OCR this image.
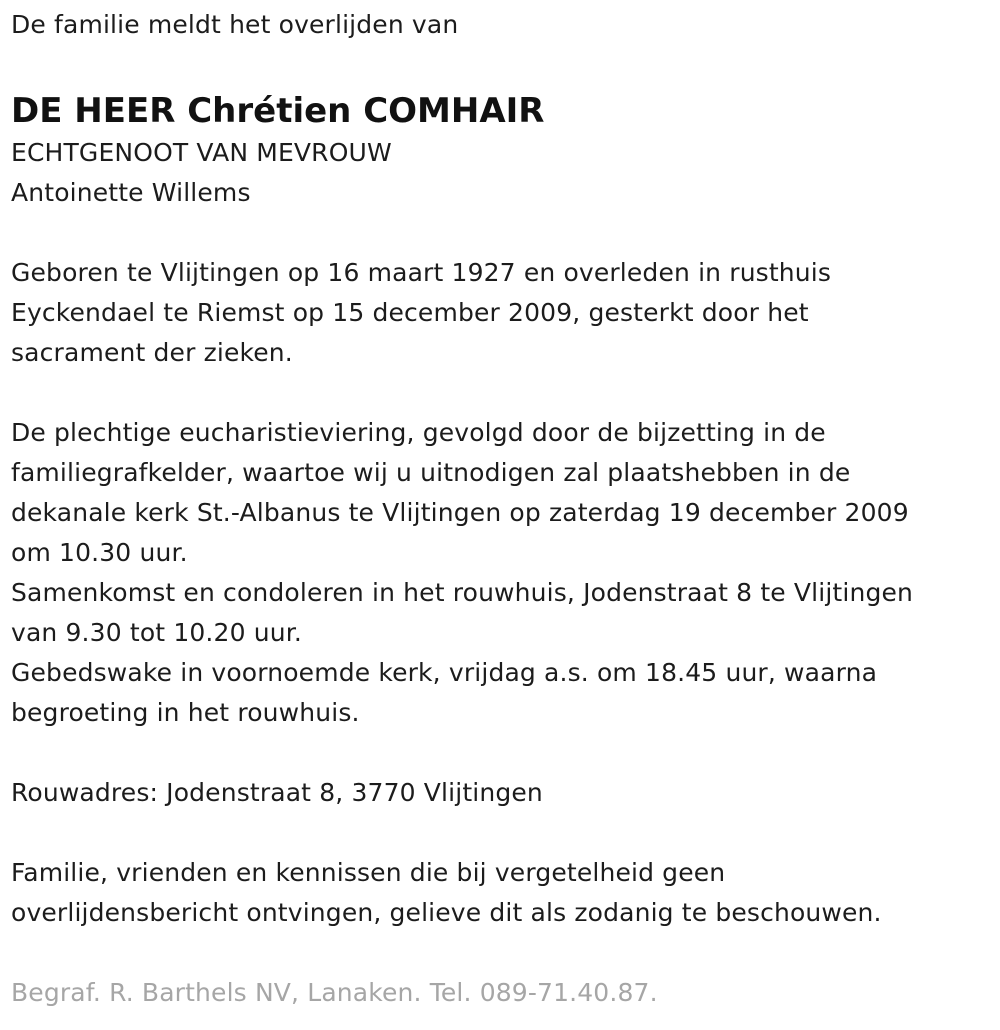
De familie meldt het overlijden van
DE HEER Chrétien COMHAIR
ECHTGENOOT VAN MEVROUW
Antoinette Willems
Geboren te Vlijtingen op 16 maart 1927 en overleden in rusthuis
Eyckendael te Riemst op 15 december 2009, gesterkt door het
sacrament der zieken.
De plechtige eucharistieviering, gevolgd door de bijzetting in de
familiegrafkelder, waartoe wij u uitnodigen zal plaatshebben in de
dekanale kerk St.-Albanus te Vlijtingen op zaterdag 19 december 2009
om 10.30 uur.
Samenkomst en condoleren in het rouwhuis, Jodenstraat 8 te Vlijtingen
van 9.30 tot 10.20 uur.
Gebedswake in voornoemde kerk, vrijdag a.s. om 18.45 uur, waarna
begroeting in het rouwhuis.
Rouwadres: Jodenstraat 8, 3770 Vlijtingen
Familie, vrienden en kennissen die bij vergetelheid geen
overlijdensbericht ontvingen, gelieve dit als zodanig te beschouwen.
Begraf. R. Barthels NV, Lanaken. Tel. 089-71.40.87.
